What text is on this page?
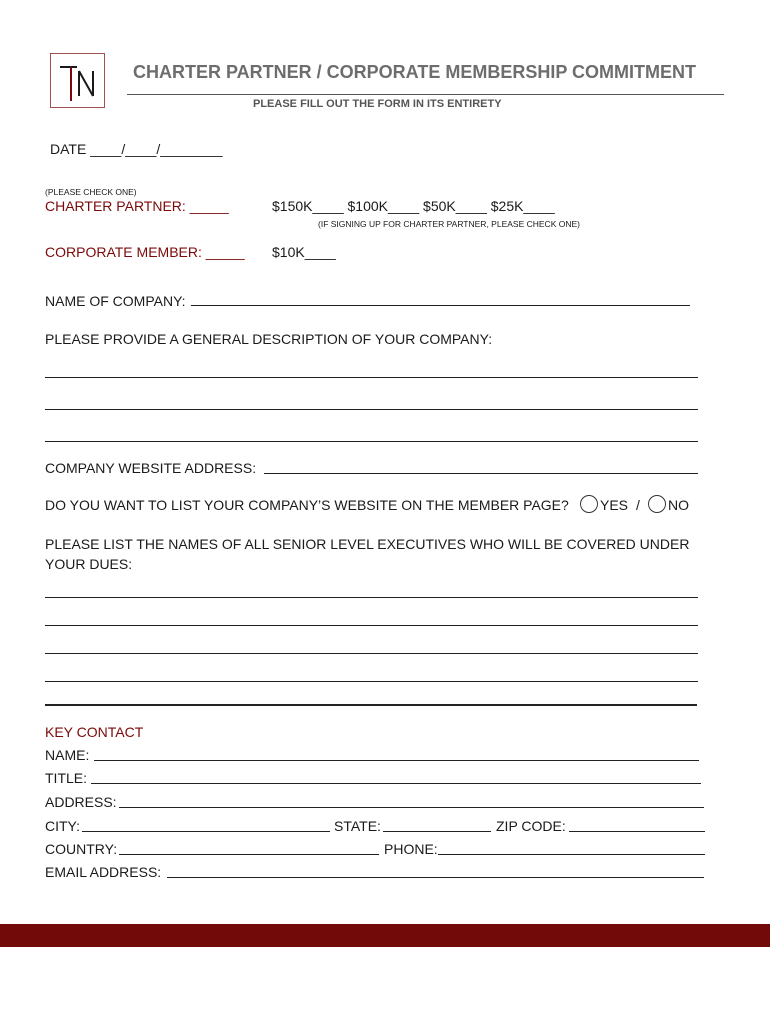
CHARTER PARTNER / CORPORATE MEMBERSHIP COMMITMENT
PLEASE FILL OUT THE FORM IN ITS ENTIRETY
DATE ____/____/________
(PLEASE CHECK ONE)
CHARTER PARTNER: _____	$150K____ $100K____ $50K____ $25K____
(IF SIGNING UP FOR CHARTER PARTNER, PLEASE CHECK ONE)
CORPORATE MEMBER: _____ $10K____
NAME OF COMPANY:
PLEASE PROVIDE A GENERAL DESCRIPTION OF YOUR COMPANY:
COMPANY WEBSITE ADDRESS:
DO YOU WANT TO LIST YOUR COMPANY’S WEBSITE ON THE MEMBER PAGE? YES / NO
PLEASE LIST THE NAMES OF ALL SENIOR LEVEL EXECUTIVES WHO WILL BE COVERED UNDER
YOUR DUES:
KEY CONTACT
NAME:
TITLE:
ADDRESS:
CITY:	STATE:	ZIP CODE:
COUNTRY:	PHONE:
EMAIL ADDRESS:
